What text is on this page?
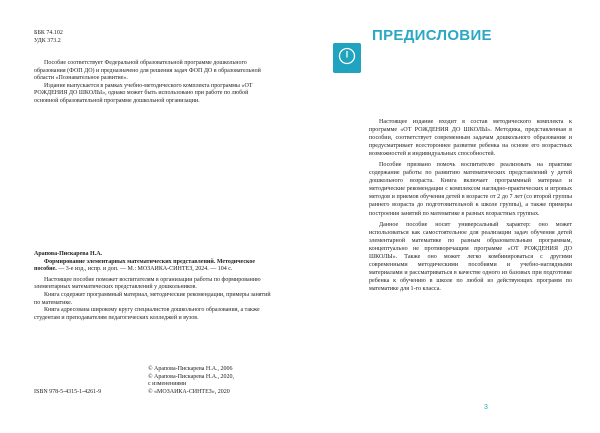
ББК 74.102

УДК 373.2

Пособие соответствует Федеральной образовательной программе дошкольного образования (ФОП ДО) и предназначено для решения задач ФОП ДО в образовательной области «Познавательное развитие».

Издание выпускается в рамках учебно-методического комплекта программы «ОТ РОЖДЕНИЯ ДО ШКОЛЫ», однако может быть использовано при работе по любой основной образовательной программе дошкольной организации.

Арапова-Пискарева Н.А.

Формирование элементарных математических представлений. Методическое пособие. — 3-е изд., испр. и доп. — М.: МОЗАИКА-СИНТЕЗ, 2024. — 104 с.

Настоящее пособие поможет воспитателям в организации работы по формированию элементарных математических представлений у дошкольников.

Книга содержит программный материал, методические рекомендации, примеры занятий по математике.

Книга адресована широкому кругу специалистов дошкольного образования, а также студентам и преподавателям педагогических колледжей и вузов.

© Арапова-Пискарева Н.А., 2006

© Арапова-Пискарева Н.А., 2020,

с изменениями

© «МОЗАИКА-СИНТЕЗ», 2020

ISBN 978-5-4315-1-4261-9
ПРЕДИСЛОВИЕ

Настоящее издание входит в состав методического комплекта к программе «ОТ РОЖДЕНИЯ ДО ШКОЛЫ». Методика, представленная в пособии, соответствует современным задачам дошкольного образования и предусматривает всестороннее развитие ребенка на основе его возрастных возможностей и индивидуальных способностей.

Пособие призвано помочь воспитателю реализовать на практике содержание работы по развитию математических представлений у детей дошкольного возраста. Книга включает программный материал и методические рекомендации с комплексом наглядно-практических и игровых методов и приемов обучения детей в возрасте от 2 до 7 лет (со второй группы раннего возраста до подготовительной к школе группы), а также примеры построения занятий по математике в разных возрастных группах.

Данное пособие носит универсальный характер: оно может использоваться как самостоятельное для реализации задач обучения детей элементарной математике по разным образовательным программам, концептуально не противоречащим программе «ОТ РОЖДЕНИЯ ДО ШКОЛЫ». Также оно может легко комбинироваться с другими современными методическими пособиями и учебно-наглядными материалами и рассматриваться в качестве одного из базовых при подготовке ребенка к обучению в школе по любой из действующих программ по математике для 1-го класса.

3
